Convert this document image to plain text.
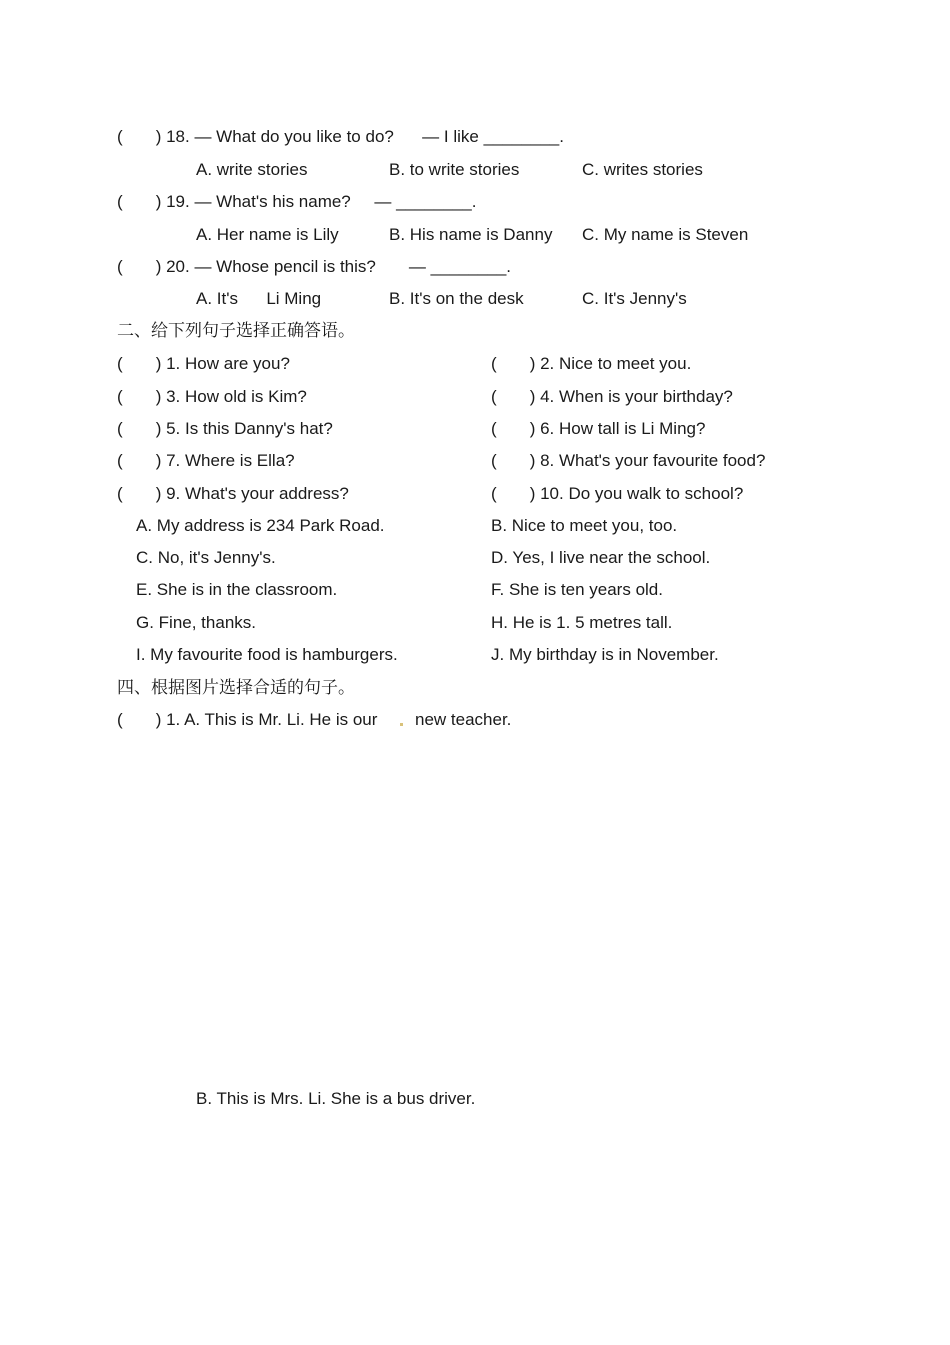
(       ) 18. — What do you like to do?      — I like ________.
A. write stories	B. to write stories	C. writes stories
(       ) 19. — What's his name?     — ________.
A. Her name is Lily	B. His name is Danny C. My name is Steven
(       ) 20. — Whose pencil is this?       — ________.
A. It's      Li Ming	B. It's on the desk	C. It's Jenny's
二、给下列句子选择正确答语。
(       ) 1. How are you?	(       ) 2. Nice to meet you.
(       ) 3. How old is Kim?	(       ) 4. When is your birthday?
(       ) 5. Is this Danny's hat?	(       ) 6. How tall is Li Ming?
(       ) 7. Where is Ella?	(       ) 8. What's your favourite food?
(       ) 9. What's your address?	(       ) 10. Do you walk to school?
A. My address is 234 Park Road.	B. Nice to meet you, too.
C. No, it's Jenny's.	D. Yes, I live near the school.
E. She is in the classroom.	F. She is ten years old.
G. Fine, thanks.	H. He is 1. 5 metres tall.
I. My favourite food is hamburgers.	J. My birthday is in November.
四、根据图片选择合适的句子。
(       ) 1. A. This is Mr. Li. He is our new teacher.
B. This is Mrs. Li. She is a bus driver.
